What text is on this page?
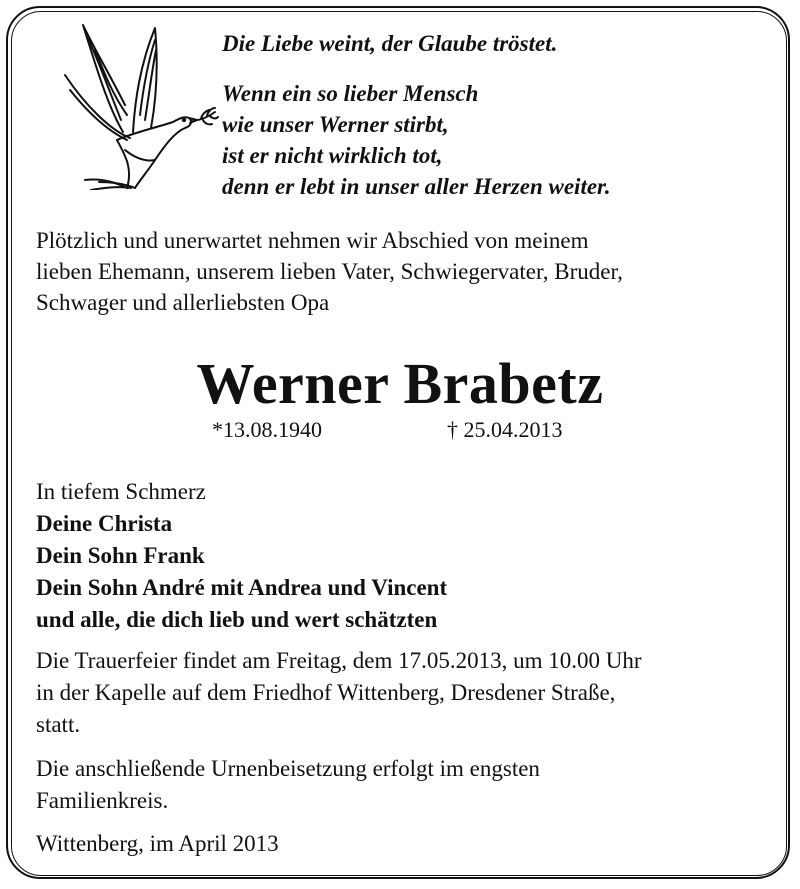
Die Liebe weint, der Glaube tröstet.
Wenn ein so lieber Mensch
wie unser Werner stirbt,
ist er nicht wirklich tot,
denn er lebt in unser aller Herzen weiter.
Plötzlich und unerwartet nehmen wir Abschied von meinem
lieben Ehemann, unserem lieben Vater, Schwiegervater, Bruder,
Schwager und allerliebsten Opa
Werner Brabetz
*13.08.1940	† 25.04.2013
In tiefem Schmerz
Deine Christa
Dein Sohn Frank
Dein Sohn André mit Andrea und Vincent
und alle, die dich lieb und wert schätzten
Die Trauerfeier findet am Freitag, dem 17.05.2013, um 10.00 Uhr
in der Kapelle auf dem Friedhof Wittenberg, Dresdener Straße,
statt.
Die anschließende Urnenbeisetzung erfolgt im engsten
Familienkreis.
Wittenberg, im April 2013
